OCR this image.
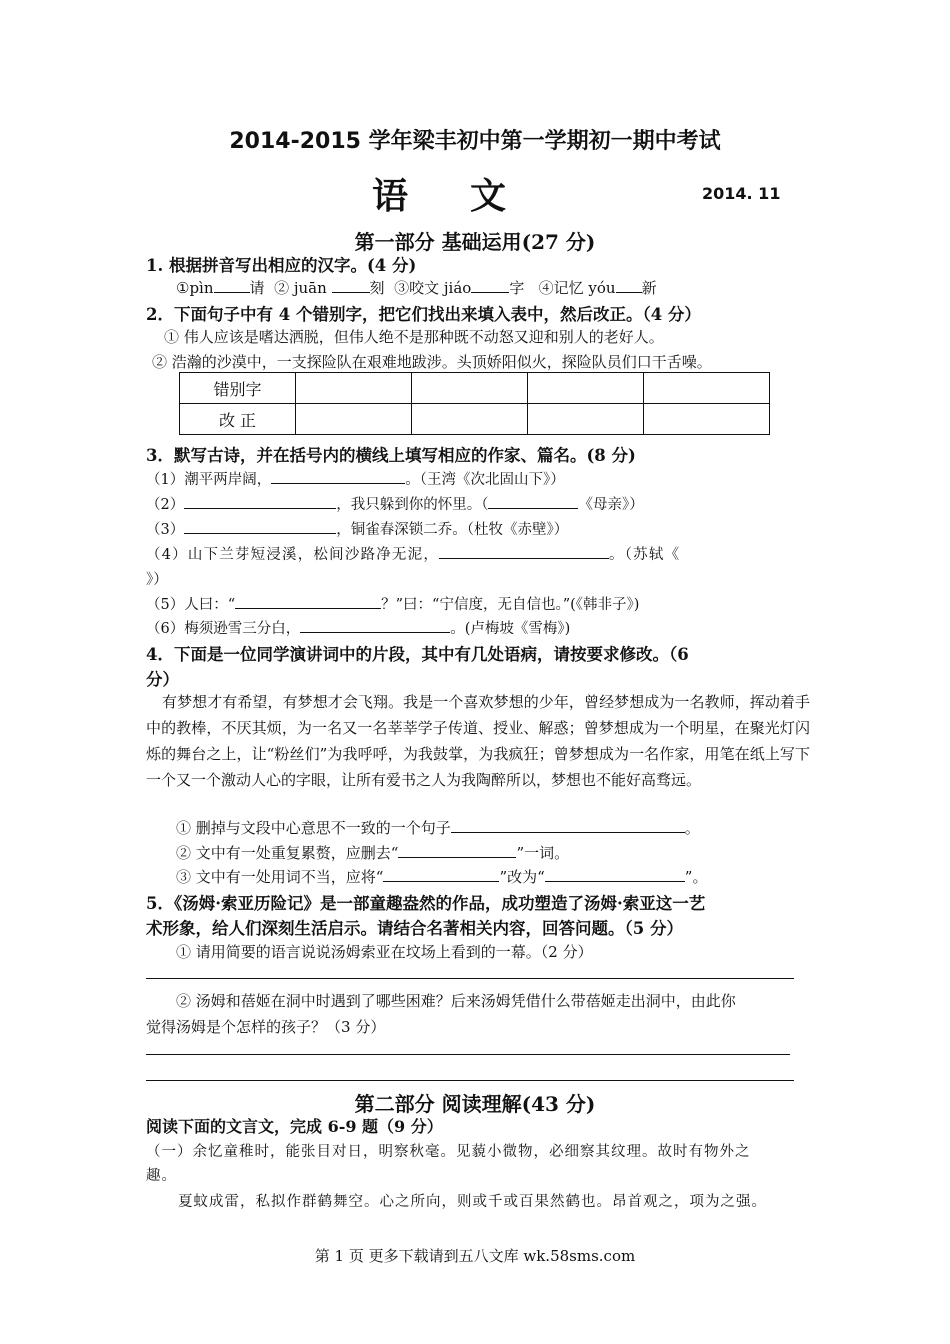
2014-2015 学年梁丰初中第一学期初一期中考试
语文	2014. 11
第一部分 基础运用(27 分)
1. 根据拼音写出相应的汉字。(4 分)
①pìn 请 ② juān	刻 ③咬文 jiáo	字 ④记忆 yóu 新
2．下面句子中有 4 个错别字，把它们找出来填入表中，然后改正。（4 分）
① 伟人应该是嗜达洒脱，但伟人绝不是那种既不动怒又迎和别人的老好人。
② 浩瀚的沙漠中，一支探险队在艰难地跋涉。头顶娇阳似火，探险队员们口干舌噪。
错别字				
改 正				
3．默写古诗，并在括号内的横线上填写相应的作家、篇名。(8 分)
（1）潮平两岸阔，	。（王湾《次北固山下》）
（2）	，我只躲到你的怀里。（	《母亲》）
（3）	，铜雀春深锁二乔。（杜牧《赤壁》）
（4）山下兰芽短浸溪，松间沙路净无泥，	。（苏轼《
》）
（5）人曰：“	？”曰：“宁信度，无自信也。”(《韩非子》)
（6）梅须逊雪三分白，	。(卢梅坡《雪梅》)
4．下面是一位同学演讲词中的片段，其中有几处语病，请按要求修改。（6
分）
有梦想才有希望，有梦想才会飞翔。我是一个喜欢梦想的少年，曾经梦想成为一名教师，挥动着手中的教棒，不厌其烦，为一名又一名莘莘学子传道、授业、解惑；曾梦想成为一个明星，在聚光灯闪烁的舞台之上，让“粉丝们”为我呼呼，为我鼓掌，为我疯狂；曾梦想成为一名作家，用笔在纸上写下一个又一个激动人心的字眼，让所有爱书之人为我陶醉所以，梦想也不能好高骛远。
① 删掉与文段中心意思不一致的一个句子	。
② 文中有一处重复累赘，应删去“	”一词。
③ 文中有一处用词不当，应将“	”改为“	”。
5．《汤姆·索亚历险记》是一部童趣盎然的作品，成功塑造了汤姆·索亚这一艺
术形象，给人们深刻生活启示。请结合名著相关内容，回答问题。（5 分）
① 请用简要的语言说说汤姆索亚在坟场上看到的一幕。（2 分）
② 汤姆和蓓姬在洞中时遇到了哪些困难？后来汤姆凭借什么带蓓姬走出洞中，由此你
觉得汤姆是个怎样的孩子？（3 分）
第二部分 阅读理解(43 分)
阅读下面的文言文，完成 6-9 题（9 分）
（一）余忆童稚时，能张目对日，明察秋毫。见藐小微物，必细察其纹理。故时有物外之
趣。
夏蚊成雷，私拟作群鹤舞空。心之所向，则或千或百果然鹤也。昂首观之，项为之强。
第 1 页 更多下载请到五八文库 wk.58sms.com
